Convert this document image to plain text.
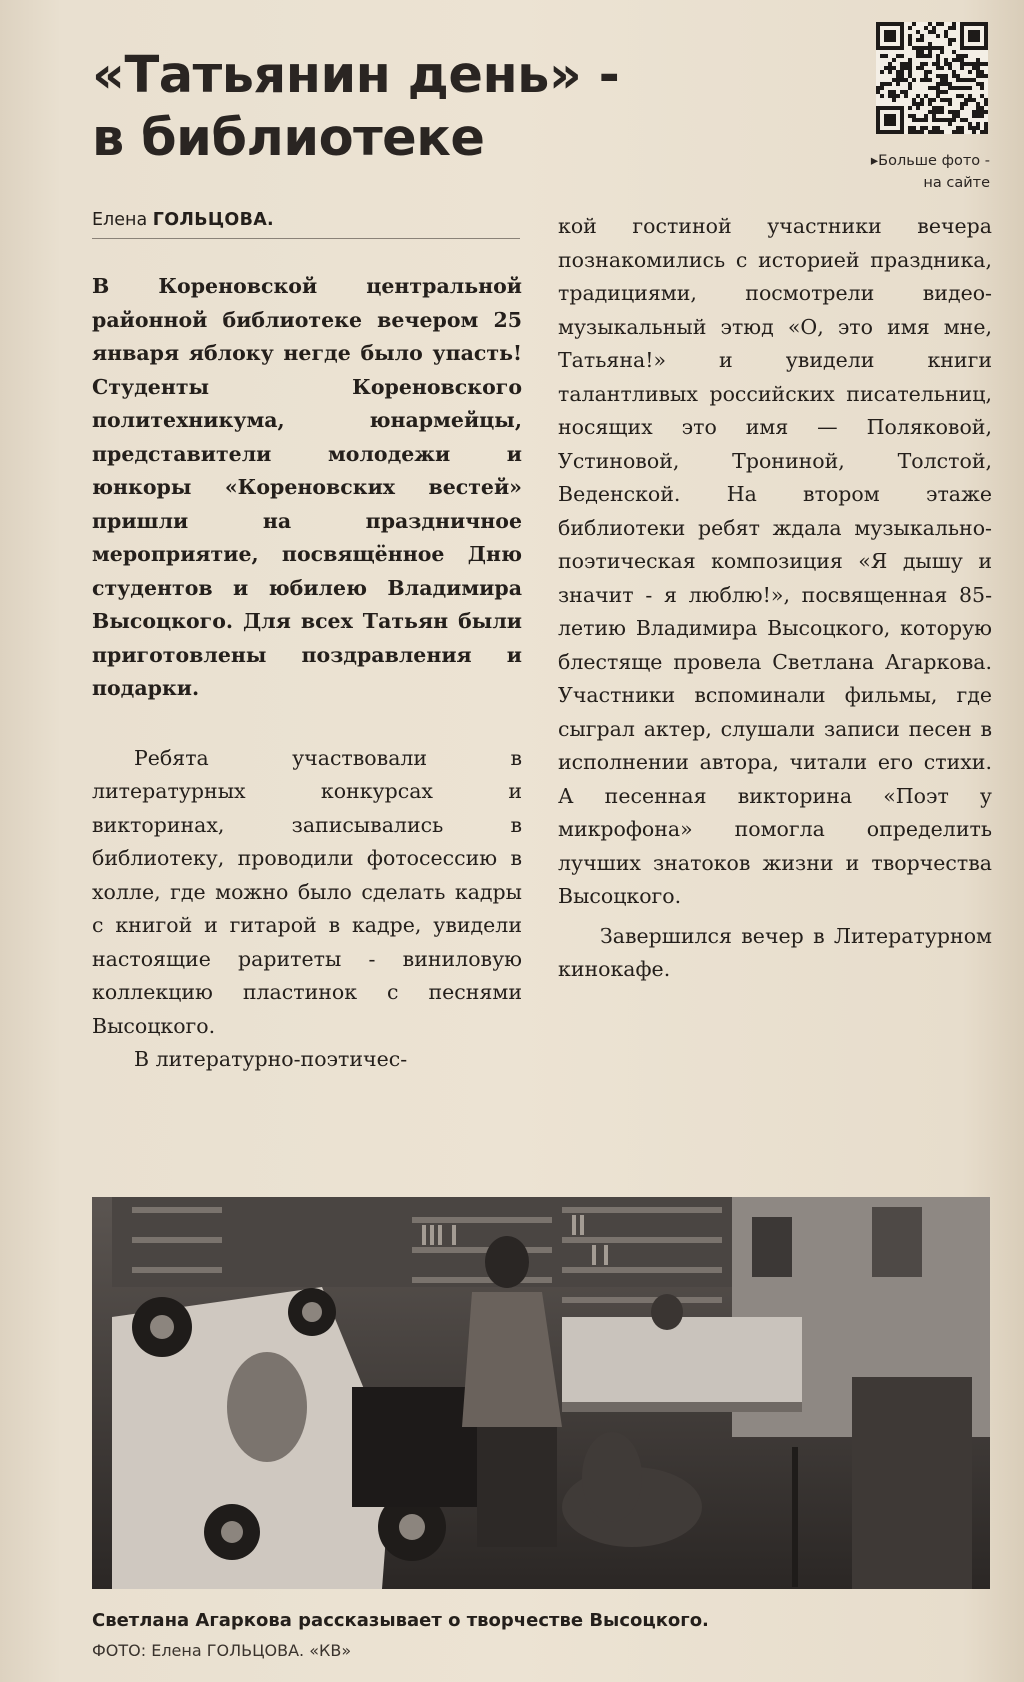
«Татьянин день» -
в библиотеке	▸Больше фото -
на сайте
Елена ГОЛЬЦОВА.

В Кореновской центральной районной библиотеке вечером 25 января яблоку негде было упасть! Студенты Кореновского политехникума, юнармейцы, представители молодежи и юнкоры «Кореновских вестей» пришли на праздничное мероприятие, посвящённое Дню студентов и юбилею Владимира Высоцкого. Для всех Татьян были приготовлены поздравления и подарки.

Ребята участвовали в литературных конкурсах и викторинах, записывались в библиотеку, проводили фотосессию в холле, где можно было сделать кадры с книгой и гитарой в кадре, увидели настоящие раритеты - виниловую коллекцию пластинок с песнями Высоцкого.

В литературно-поэтичес-

кой гостиной участники вечера познакомились с историей праздника, традициями, посмотрели видео-музыкальный этюд «О, это имя мне, Татьяна!» и увидели книги талантливых российских писательниц, носящих это имя — Поляковой, Устиновой, Трониной, Толстой, Веденской. На втором этаже библиотеки ребят ждала музыкально-поэтическая композиция «Я дышу и значит - я люблю!», посвященная 85-летию Владимира Высоцкого, которую блестяще провела Светлана Агаркова. Участники вспоминали фильмы, где сыграл актер, слушали записи песен в исполнении автора, читали его стихи. А песенная викторина «Поэт у микрофона» помогла определить лучших знатоков жизни и творчества Высоцкого.

Завершился вечер в Литературном кинокафе.

Светлана Агаркова рассказывает о творчестве Высоцкого.
ФОТО: Елена ГОЛЬЦОВА. «КВ»
